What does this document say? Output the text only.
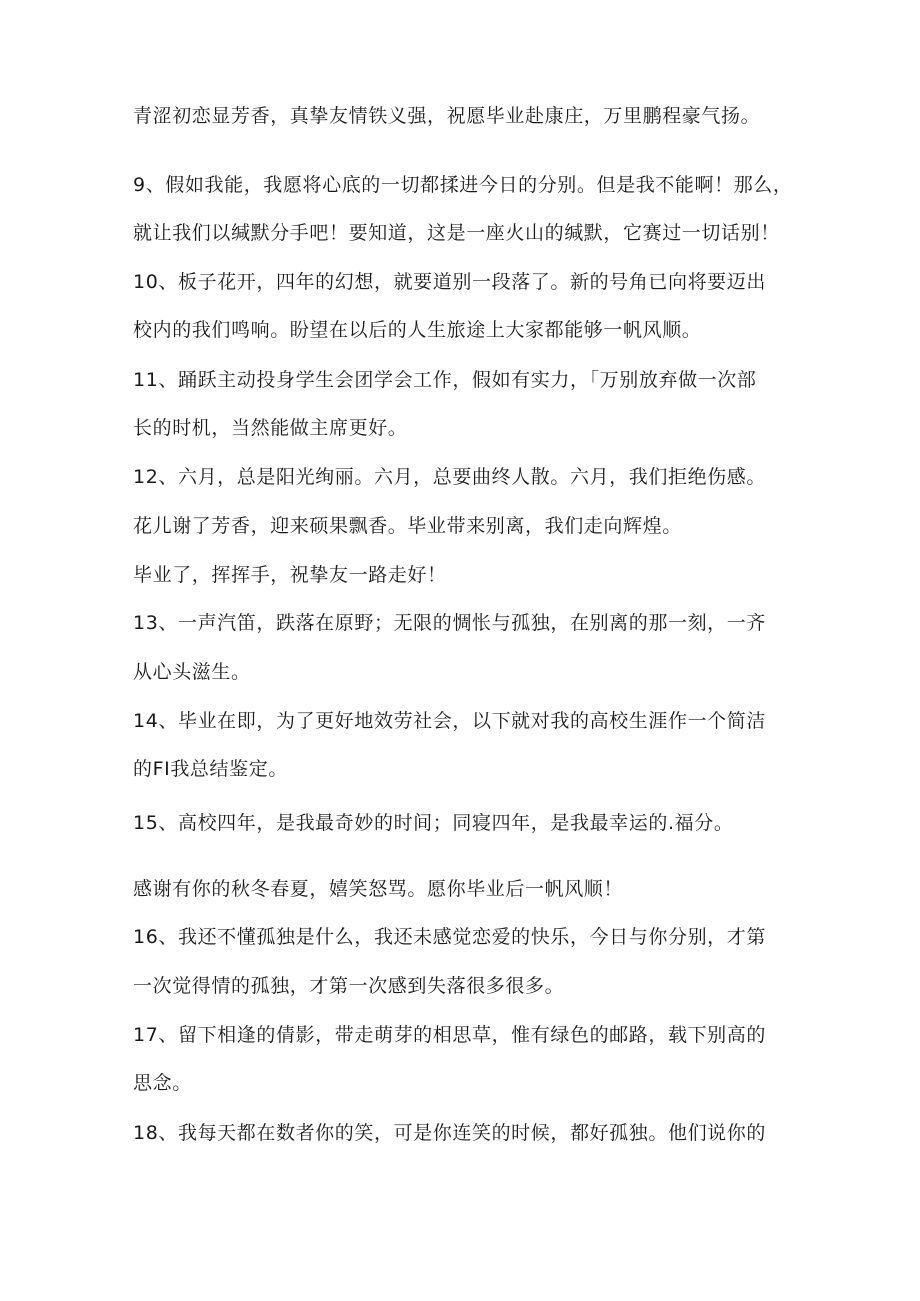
青涩初恋显芳香，真挚友情铁义强，祝愿毕业赴康庄，万里鹏程豪气扬。
9、假如我能，我愿将心底的一切都揉进今日的分别。但是我不能啊！那么，
就让我们以缄默分手吧！要知道，这是一座火山的缄默，它赛过一切话别！
10、板子花开，四年的幻想，就要道别一段落了。新的号角已向将要迈出
校内的我们鸣响。盼望在以后的人生旅途上大家都能够一帆风顺。
11、踊跃主动投身学生会团学会工作，假如有实力，「万别放弃做一次部
长的时机，当然能做主席更好。
12、六月，总是阳光绚丽。六月，总要曲终人散。六月，我们拒绝伤感。
花儿谢了芳香，迎来硕果飘香。毕业带来别离，我们走向辉煌。
毕业了，挥挥手，祝挚友一路走好！
13、一声汽笛，跌落在原野；无限的惆怅与孤独，在别离的那一刻，一齐
从心头滋生。
14、毕业在即，为了更好地效劳社会，以下就对我的高校生涯作一个简洁
的FI我总结鉴定。
15、高校四年，是我最奇妙的时间；同寝四年，是我最幸运的.福分。
感谢有你的秋冬春夏，嬉笑怒骂。愿你毕业后一帆风顺！
16、我还不懂孤独是什么，我还未感觉恋爱的快乐，今日与你分别，才第
一次觉得情的孤独，才第一次感到失落很多很多。
17、留下相逢的倩影，带走萌芽的相思草，惟有绿色的邮路，载下别高的
思念。
18、我每天都在数者你的笑，可是你连笑的时候，都好孤独。他们说你的
